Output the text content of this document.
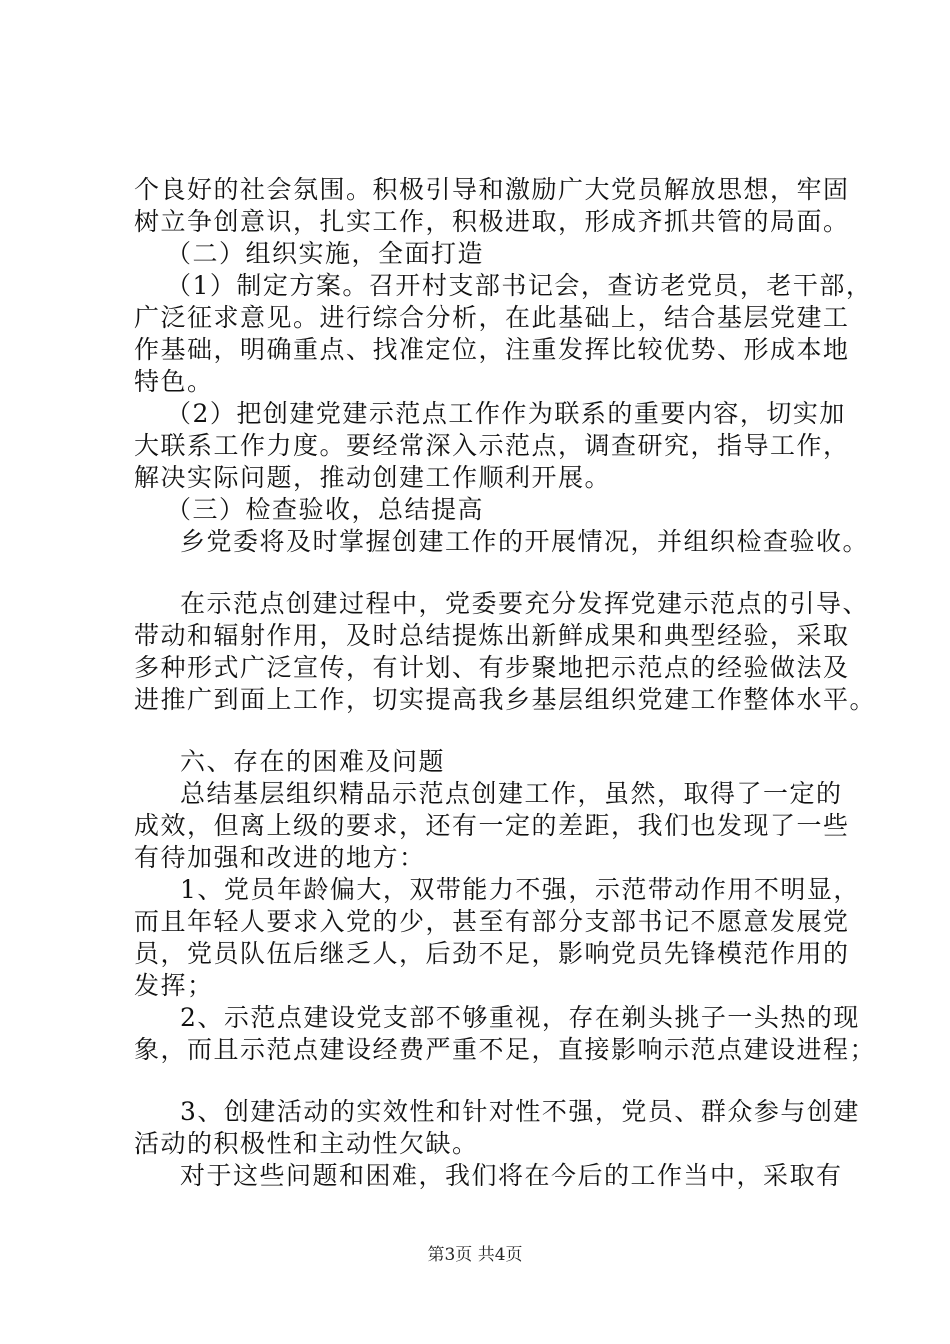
个良好的社会氛围。积极引导和激励广大党员解放思想，牢固
树立争创意识，扎实工作，积极进取，形成齐抓共管的局面。
（二）组织实施，全面打造
（1）制定方案。召开村支部书记会，查访老党员，老干部，
广泛征求意见。进行综合分析，在此基础上，结合基层党建工
作基础，明确重点、找准定位，注重发挥比较优势、形成本地
特色。
（2）把创建党建示范点工作作为联系的重要内容，切实加
大联系工作力度。要经常深入示范点，调查研究，指导工作，
解决实际问题，推动创建工作顺利开展。
（三）检查验收，总结提高
乡党委将及时掌握创建工作的开展情况，并组织检查验收。
在示范点创建过程中，党委要充分发挥党建示范点的引导、
带动和辐射作用，及时总结提炼出新鲜成果和典型经验，采取
多种形式广泛宣传，有计划、有步聚地把示范点的经验做法及
进推广到面上工作，切实提高我乡基层组织党建工作整体水平。
六、存在的困难及问题
总结基层组织精品示范点创建工作，虽然，取得了一定的
成效，但离上级的要求，还有一定的差距，我们也发现了一些
有待加强和改进的地方：
1、党员年龄偏大，双带能力不强，示范带动作用不明显，
而且年轻人要求入党的少，甚至有部分支部书记不愿意发展党
员，党员队伍后继乏人，后劲不足，影响党员先锋模范作用的
发挥；
2、示范点建设党支部不够重视，存在剃头挑子一头热的现
象，而且示范点建设经费严重不足，直接影响示范点建设进程；
3、创建活动的实效性和针对性不强，党员、群众参与创建
活动的积极性和主动性欠缺。
对于这些问题和困难，我们将在今后的工作当中，采取有
第3页 共4页
